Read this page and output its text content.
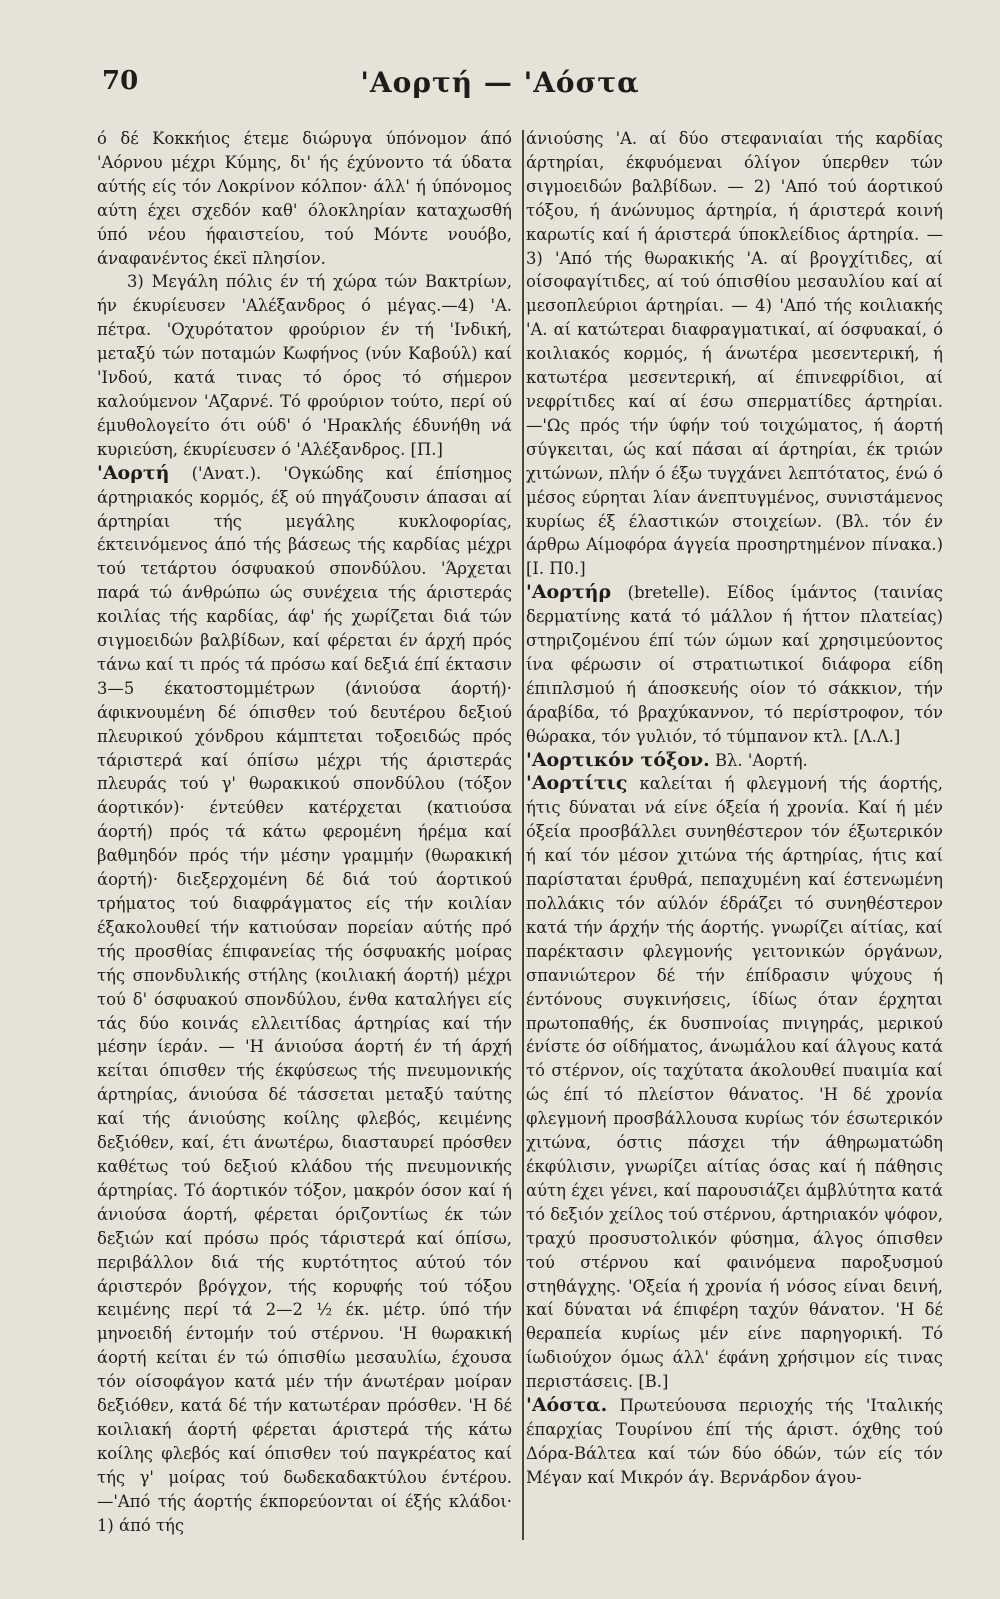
70	'Αορτή — 'Αόστα

ό δέ Κοκκήιος έτεμε διώρυγα ύπόνομον άπό 'Αόρνου μέχρι Κύμης, δι' ής έχύνοντο τά ύδατα αύτής είς τόν Λοκρίνον κόλπον· άλλ' ή ύπόνομος αύτη έχει σχεδόν καθ' όλοκληρίαν καταχωσθή ύπό νέου ήφαιστείου, τού Μόντε νουόβο, άναφανέντος έκεϊ πλησίον.

3) Μεγάλη πόλις έν τή χώρα τών Βακτρίων, ήν έκυρίευσεν 'Αλέξανδρος ό μέγας.—4) 'Α. πέτρα. 'Οχυρότατον φρούριον έν τή 'Ινδική, μεταξύ τών ποταμών Κωφήνος (νύν Καβούλ) καί 'Ινδού, κατά τινας τό όρος τό σήμερον καλούμενον 'Αζαρνέ. Τό φρούριον τούτο, περί ού έμυθολογείτο ότι ούδ' ό 'Ηρακλής έδυνήθη νά κυριεύση, έκυρίευσεν ό 'Αλέξανδρος. [Π.]

'Αορτή ('Ανατ.). 'Ογκώδης καί έπίσημος άρτηριακός κορμός, έξ ού πηγάζουσιν άπασαι αί άρτηρίαι τής μεγάλης κυκλοφορίας, έκτεινόμενος άπό τής βάσεως τής καρδίας μέχρι τού τετάρτου όσφυακού σπονδύλου. 'Άρχεται παρά τώ άνθρώπω ώς συνέχεια τής άριστεράς κοιλίας τής καρδίας, άφ' ής χωρίζεται διά τών σιγμοειδών βαλβίδων, καί φέρεται έν άρχή πρός τάνω καί τι πρός τά πρόσω καί δεξιά έπί έκτασιν 3—5 έκατοστομμέτρων (άνιούσα άορτή)· άφικνουμένη δέ όπισθεν τού δευτέρου δεξιού πλευρικού χόνδρου κάμπτεται τοξοειδώς πρός τάριστερά καί όπίσω μέχρι τής άριστεράς πλευράς τού γ' θωρακικού σπονδύλου (τόξον άορτικόν)· έντεύθεν κατέρχεται (κατιούσα άορτή) πρός τά κάτω φερομένη ήρέμα καί βαθμηδόν πρός τήν μέσην γραμμήν (θωρακική άορτή)· διεξερχομένη δέ διά τού άορτικού τρήματος τού διαφράγματος είς τήν κοιλίαν έξακολουθεί τήν κατιούσαν πορείαν αύτής πρό τής προσθίας έπιφανείας τής όσφυακής μοίρας τής σπονδυλικής στήλης (κοιλιακή άορτή) μέχρι τού δ' όσφυακού σπονδύλου, ένθα καταλήγει είς τάς δύο κοινάς ελλειτίδας άρτηρίας καί τήν μέσην ίεράν. — 'Η άνιούσα άορτή έν τή άρχή κείται όπισθεν τής έκφύσεως τής πνευμονικής άρτηρίας, άνιούσα δέ τάσσεται μεταξύ ταύτης καί τής άνιούσης κοίλης φλεβός, κειμένης δεξιόθεν, καί, έτι άνωτέρω, διασταυρεί πρόσθεν καθέτως τού δεξιού κλάδου τής πνευμονικής άρτηρίας. Τό άορτικόν τόξον, μακρόν όσον καί ή άνιούσα άορτή, φέρεται όριζοντίως έκ τών δεξιών καί πρόσω πρός τάριστερά καί όπίσω, περιβάλλον διά τής κυρτότητος αύτού τόν άριστερόν βρόγχον, τής κορυφής τού τόξου κειμένης περί τά 2—2 ½ έκ. μέτρ. ύπό τήν μηνοειδή έντομήν τού στέρνου. 'Η θωρακική άορτή κείται έν τώ όπισθίω μεσαυλίω, έχουσα τόν οίσοφάγον κατά μέν τήν άνωτέραν μοίραν δεξιόθεν, κατά δέ τήν κατωτέραν πρόσθεν. 'Η δέ κοιλιακή άορτή φέρεται άριστερά τής κάτω κοίλης φλεβός καί όπισθεν τού παγκρέατος καί τής γ' μοίρας τού δωδεκαδακτύλου έντέρου.—'Από τής άορτής έκπορεύονται οί έξής κλάδοι· 1) άπό τής

άνιούσης 'Α. αί δύο στεφανιαίαι τής καρδίας άρτηρίαι, έκφυόμεναι όλίγον ύπερθεν τών σιγμοειδών βαλβίδων. — 2) 'Από τού άορτικού τόξου, ή άνώνυμος άρτηρία, ή άριστερά κοινή καρωτίς καί ή άριστερά ύποκλείδιος άρτηρία. —3) 'Από τής θωρακικής 'Α. αί βρογχίτιδες, αί οίσοφαγίτιδες, αί τού όπισθίου μεσαυλίου καί αί μεσοπλεύριοι άρτηρίαι. — 4) 'Από τής κοιλιακής 'Α. αί κατώτεραι διαφραγματικαί, αί όσφυακαί, ό κοιλιακός κορμός, ή άνωτέρα μεσεντερική, ή κατωτέρα μεσεντερική, αί έπινεφρίδιοι, αί νεφρίτιδες καί αί έσω σπερματίδες άρτηρίαι.—'Ως πρός τήν ύφήν τού τοιχώματος, ή άορτή σύγκειται, ώς καί πάσαι αί άρτηρίαι, έκ τριών χιτώνων, πλήν ό έξω τυγχάνει λεπτότατος, ένώ ό μέσος εύρηται λίαν άνεπτυγμένος, συνιστάμενος κυρίως έξ έλαστικών στοιχείων. (Βλ. τόν έν άρθρω Αίμοφόρα άγγεία προσηρτημένον πίνακα.) [Ι. Π0.]

'Αορτήρ (bretelle). Είδος ίμάντος (ταινίας δερματίνης κατά τό μάλλον ή ήττον πλατείας) στηριζομένου έπί τών ώμων καί χρησιμεύοντος ίνα φέρωσιν οί στρατιωτικοί διάφορα είδη έπιπλσμού ή άποσκευής οίον τό σάκκιον, τήν άραβίδα, τό βραχύκαννον, τό περίστροφον, τόν θώρακα, τόν γυλιόν, τό τύμπανον κτλ. [Λ.Λ.]

'Αορτικόν τόξον. Βλ. 'Αορτή.

'Αορτίτις καλείται ή φλεγμονή τής άορτής, ήτις δύναται νά είνε όξεία ή χρονία. Καί ή μέν όξεία προσβάλλει συνηθέστερον τόν έξωτερικόν ή καί τόν μέσον χιτώνα τής άρτηρίας, ήτις καί παρίσταται έρυθρά, πεπαχυμένη καί έστενωμένη πολλάκις τόν αύλόν έδράζει τό συνηθέστερον κατά τήν άρχήν τής άορτής. γνωρίζει αίτίας, καί παρέκτασιν φλεγμονής γειτονικών όργάνων, σπανιώτερον δέ τήν έπίδρασιν ψύχους ή έντόνους συγκινήσεις, ίδίως όταν έρχηται πρωτοπαθής, έκ δυσπνοίας πνιγηράς, μερικού ένίστε όσ οίδήματος, άνωμάλου καί άλγους κατά τό στέρνον, οίς ταχύτατα άκολουθεί πυαιμία καί ώς έπί τό πλείστον θάνατος. 'Η δέ χρονία φλεγμονή προσβάλλουσα κυρίως τόν έσωτερικόν χιτώνα, όστις πάσχει τήν άθηρωματώδη έκφύλισιν, γνωρίζει αίτίας όσας καί ή πάθησις αύτη έχει γένει, καί παρουσιάζει άμβλύτητα κατά τό δεξιόν χείλος τού στέρνου, άρτηριακόν ψόφον, τραχύ προσυστολικόν φύσημα, άλγος όπισθεν τού στέρνου καί φαινόμενα παροξυσμού στηθάγχης. 'Οξεία ή χρονία ή νόσος είναι δεινή, καί δύναται νά έπιφέρη ταχύν θάνατον. 'Η δέ θεραπεία κυρίως μέν είνε παρηγορική. Τό ίωδιούχον όμως άλλ' έφάνη χρήσιμον είς τινας περιστάσεις. [Β.]

'Αόστα. Πρωτεύουσα περιοχής τής 'Ιταλικής έπαρχίας Τουρίνου έπί τής άριστ. όχθης τού Δόρα-Βάλτεα καί τών δύο όδών, τών είς τόν Μέγαν καί Μικρόν άγ. Βερνάρδον άγου-
